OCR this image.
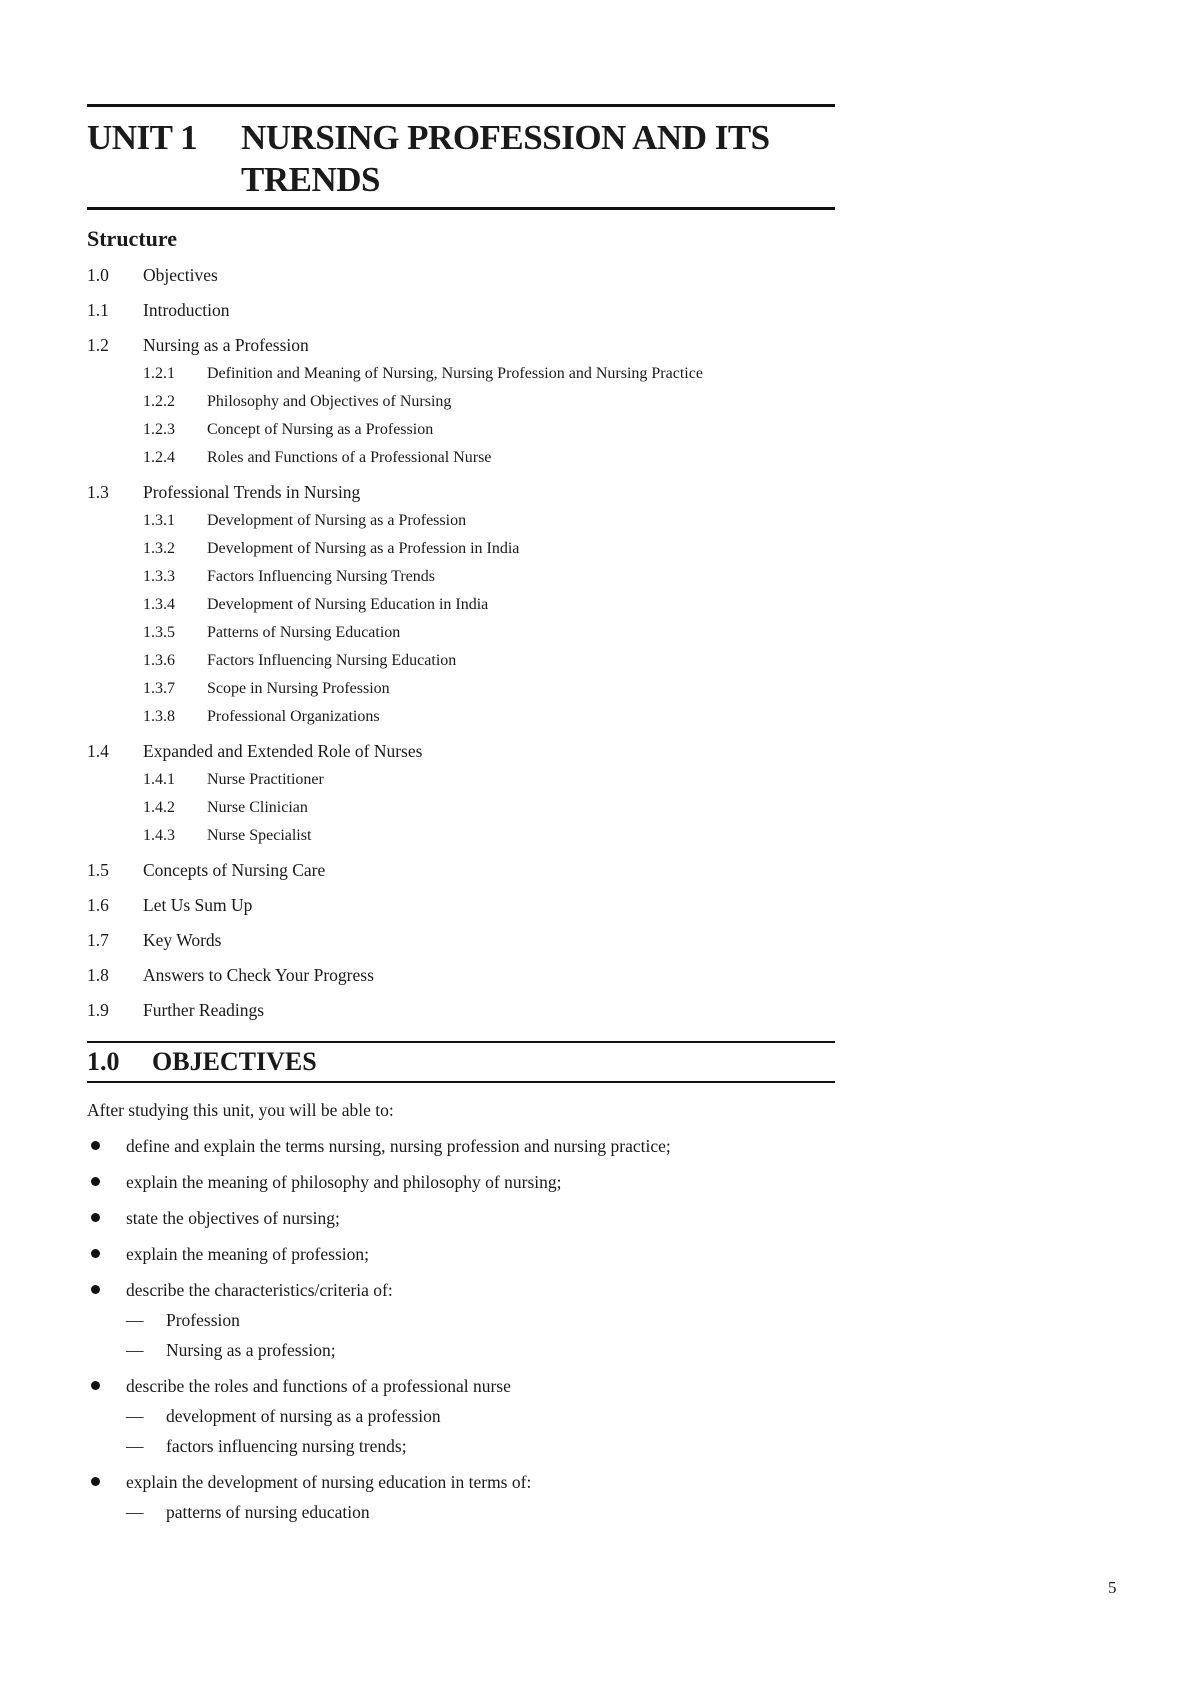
UNIT 1	NURSING PROFESSION AND ITS TRENDS
Structure
1.0	Objectives
1.1	Introduction
1.2	Nursing as a Profession
1.2.1	Definition and Meaning of Nursing, Nursing Profession and Nursing Practice
1.2.2	Philosophy and Objectives of Nursing
1.2.3	Concept of Nursing as a Profession
1.2.4	Roles and Functions of a Professional Nurse
1.3	Professional Trends in Nursing
1.3.1	Development of Nursing as a Profession
1.3.2	Development of Nursing as a Profession in India
1.3.3	Factors Influencing Nursing Trends
1.3.4	Development of Nursing Education in India
1.3.5	Patterns of Nursing Education
1.3.6	Factors Influencing Nursing Education
1.3.7	Scope in Nursing Profession
1.3.8	Professional Organizations
1.4	Expanded and Extended Role of Nurses
1.4.1	Nurse Practitioner
1.4.2	Nurse Clinician
1.4.3	Nurse Specialist
1.5	Concepts of Nursing Care
1.6	Let Us Sum Up
1.7	Key Words
1.8	Answers to Check Your Progress
1.9	Further Readings
1.0	OBJECTIVES
After studying this unit, you will be able to:
define and explain the terms nursing, nursing profession and nursing practice;
explain the meaning of philosophy and philosophy of nursing;
state the objectives of nursing;
explain the meaning of profession;
describe the characteristics/criteria of:
—	Profession
—	Nursing as a profession;
describe the roles and functions of a professional nurse
—	development of nursing as a profession
—	factors influencing nursing trends;
explain the development of nursing education in terms of:
—	patterns of nursing education
5
